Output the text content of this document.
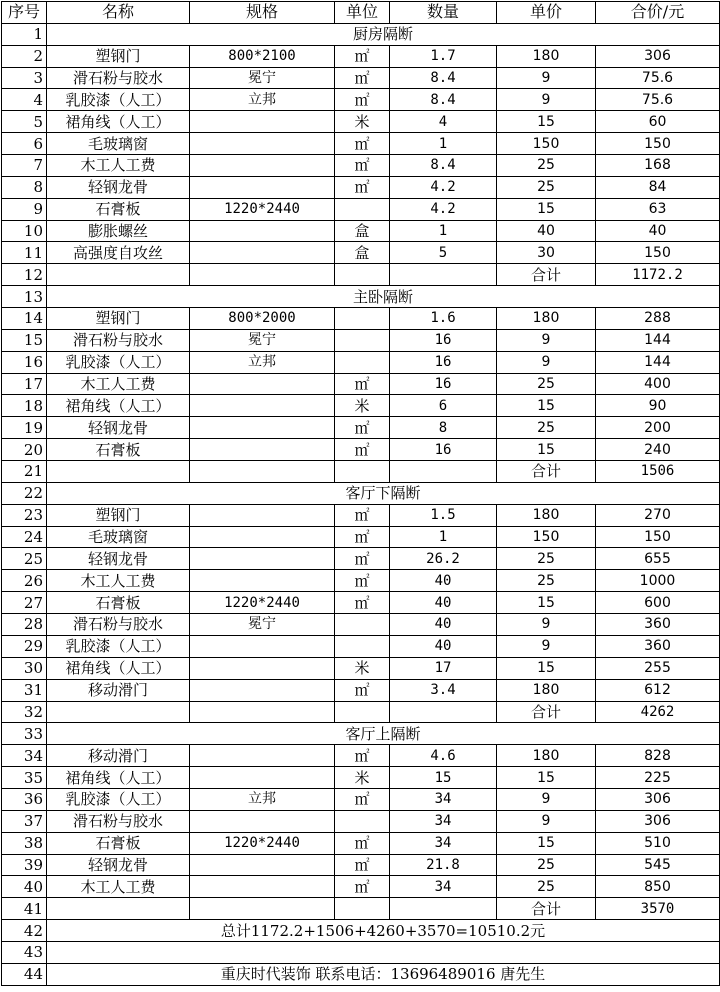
序号	名称	规格	单位	数量	单价	合价/元
1	厨房隔断					
2	塑钢门	800*2100	㎡	1.7	180	306
3	滑石粉与胶水	冕宁	㎡	8.4	9	75.6
4	乳胶漆（人工）	立邦	㎡	8.4	9	75.6
5	裙角线（人工）		米	4	15	60
6	毛玻璃窗		㎡	1	150	150
7	木工人工费		㎡	8.4	25	168
8	轻钢龙骨		㎡	4.2	25	84
9	石膏板	1220*2440		4.2	15	63
10	膨胀螺丝		盒	1	40	40
11	高强度自攻丝		盒	5	30	150
12					合计	1172.2
13	主卧隔断					
14	塑钢门	800*2000		1.6	180	288
15	滑石粉与胶水	冕宁		16	9	144
16	乳胶漆（人工）	立邦		16	9	144
17	木工人工费		㎡	16	25	400
18	裙角线（人工）		米	6	15	90
19	轻钢龙骨		㎡	8	25	200
20	石膏板		㎡	16	15	240
21					合计	1506
22	客厅下隔断					
23	塑钢门		㎡	1.5	180	270
24	毛玻璃窗		㎡	1	150	150
25	轻钢龙骨		㎡	26.2	25	655
26	木工人工费		㎡	40	25	1000
27	石膏板	1220*2440	㎡	40	15	600
28	滑石粉与胶水	冕宁		40	9	360
29	乳胶漆（人工）			40	9	360
30	裙角线（人工）		米	17	15	255
31	移动滑门		㎡	3.4	180	612
32					合计	4262
33	客厅上隔断					
34	移动滑门		㎡	4.6	180	828
35	裙角线（人工）		米	15	15	225
36	乳胶漆（人工）	立邦	㎡	34	9	306
37	滑石粉与胶水			34	9	306
38	石膏板	1220*2440	㎡	34	15	510
39	轻钢龙骨		㎡	21.8	25	545
40	木工人工费		㎡	34	25	850
41					合计	3570
42	总计1172.2+1506+4260+3570=10510.2元					
43						
44	重庆时代装饰 联系电话：13696489016 唐先生					
